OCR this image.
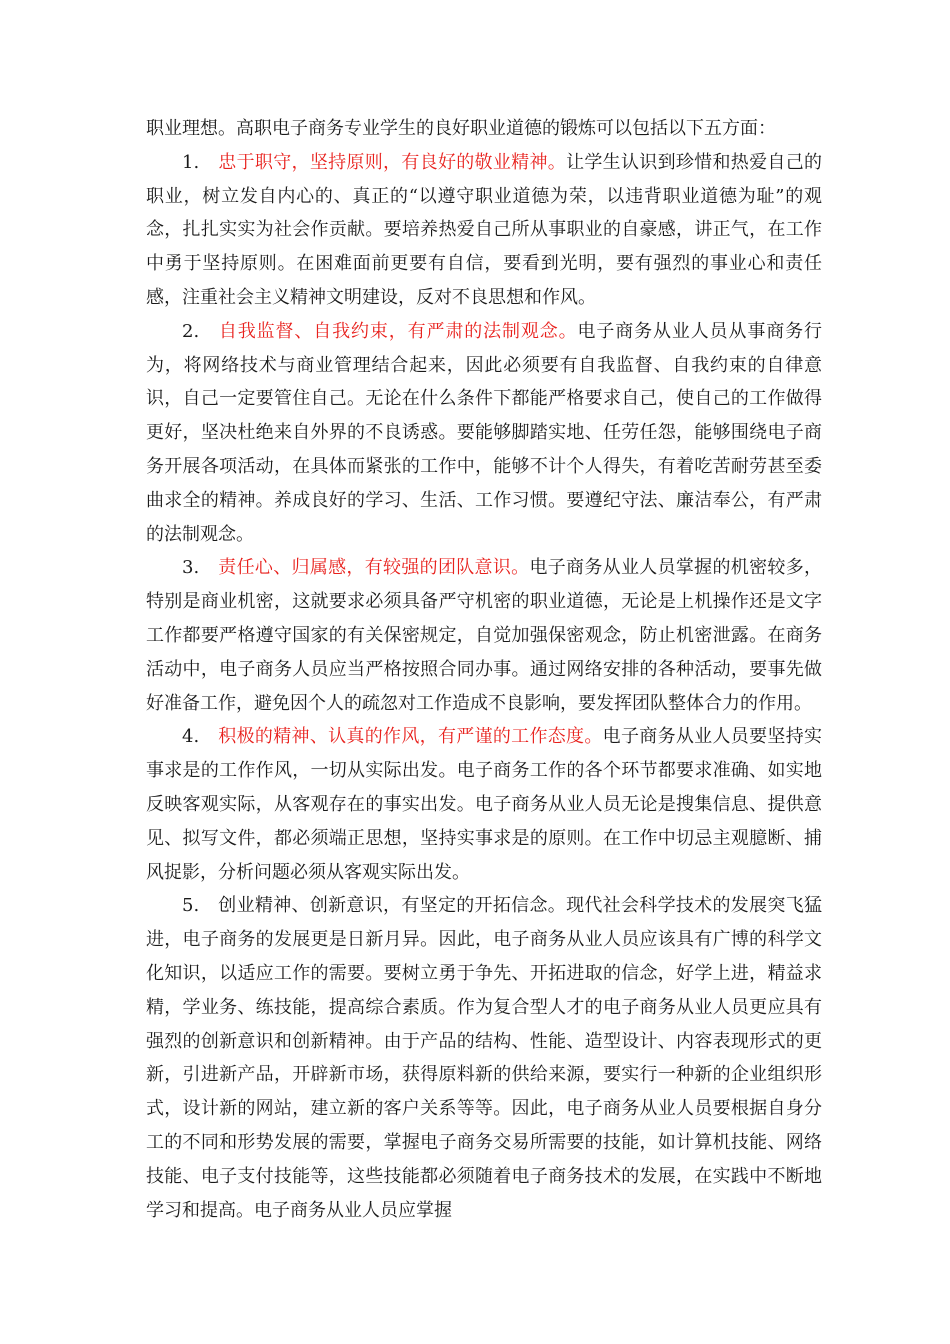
职业理想。高职电子商务专业学生的良好职业道德的锻炼可以包括以下五方面：

1. 忠于职守，坚持原则，有良好的敬业精神。让学生认识到珍惜和热爱自己的职业，树立发自内心的、真正的“以遵守职业道德为荣，以违背职业道德为耻”的观念，扎扎实实为社会作贡献。要培养热爱自己所从事职业的自豪感，讲正气，在工作中勇于坚持原则。在困难面前更要有自信，要看到光明，要有强烈的事业心和责任感，注重社会主义精神文明建设，反对不良思想和作风。

2. 自我监督、自我约束，有严肃的法制观念。电子商务从业人员从事商务行为，将网络技术与商业管理结合起来，因此必须要有自我监督、自我约束的自律意识，自己一定要管住自己。无论在什么条件下都能严格要求自己，使自己的工作做得更好，坚决杜绝来自外界的不良诱惑。要能够脚踏实地、任劳任怨，能够围绕电子商务开展各项活动，在具体而紧张的工作中，能够不计个人得失，有着吃苦耐劳甚至委曲求全的精神。养成良好的学习、生活、工作习惯。要遵纪守法、廉洁奉公，有严肃的法制观念。

3. 责任心、归属感，有较强的团队意识。电子商务从业人员掌握的机密较多，特别是商业机密，这就要求必须具备严守机密的职业道德，无论是上机操作还是文字工作都要严格遵守国家的有关保密规定，自觉加强保密观念，防止机密泄露。在商务活动中，电子商务人员应当严格按照合同办事。通过网络安排的各种活动，要事先做好准备工作，避免因个人的疏忽对工作造成不良影响，要发挥团队整体合力的作用。

4. 积极的精神、认真的作风，有严谨的工作态度。电子商务从业人员要坚持实事求是的工作作风，一切从实际出发。电子商务工作的各个环节都要求准确、如实地反映客观实际，从客观存在的事实出发。电子商务从业人员无论是搜集信息、提供意见、拟写文件，都必须端正思想，坚持实事求是的原则。在工作中切忌主观臆断、捕风捉影，分析问题必须从客观实际出发。

5. 创业精神、创新意识，有坚定的开拓信念。现代社会科学技术的发展突飞猛进，电子商务的发展更是日新月异。因此，电子商务从业人员应该具有广博的科学文化知识，以适应工作的需要。要树立勇于争先、开拓进取的信念，好学上进，精益求精，学业务、练技能，提高综合素质。作为复合型人才的电子商务从业人员更应具有强烈的创新意识和创新精神。由于产品的结构、性能、造型设计、内容表现形式的更新，引进新产品，开辟新市场，获得原料新的供给来源，要实行一种新的企业组织形式，设计新的网站，建立新的客户关系等等。因此，电子商务从业人员要根据自身分工的不同和形势发展的需要，掌握电子商务交易所需要的技能，如计算机技能、网络技能、电子支付技能等，这些技能都必须随着电子商务技术的发展，在实践中不断地学习和提高。电子商务从业人员应掌握
